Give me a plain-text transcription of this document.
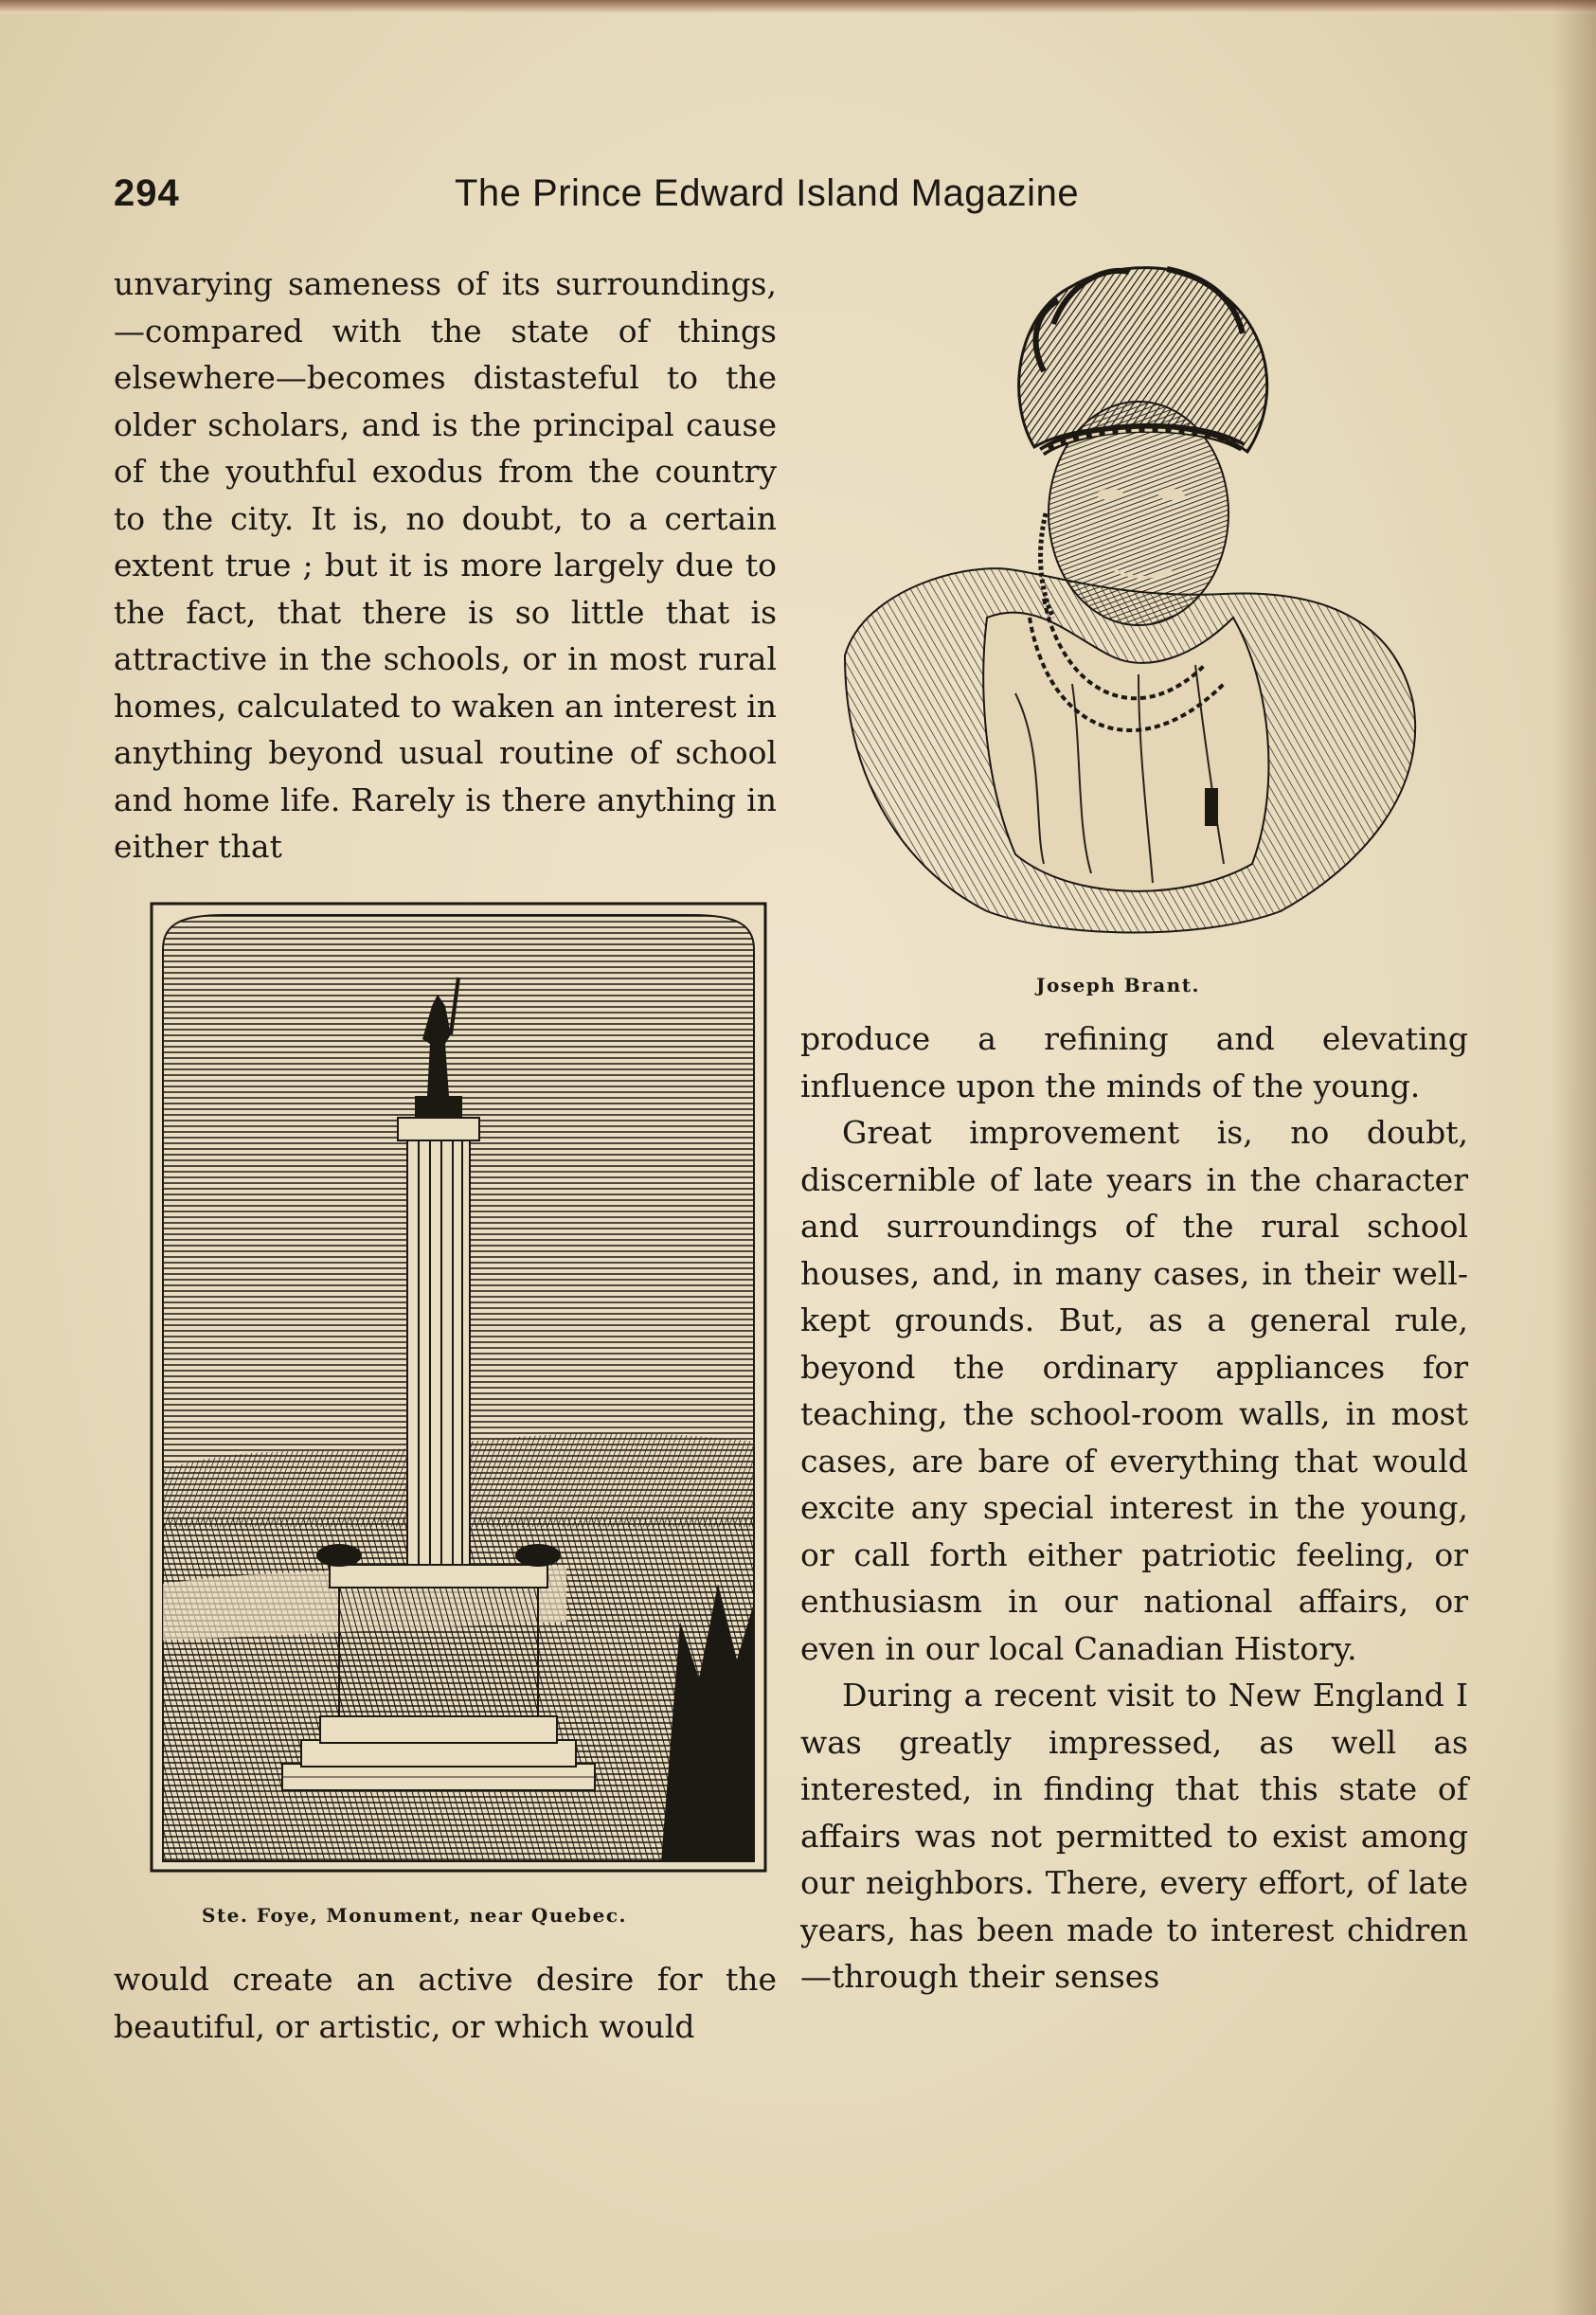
294	The Prince Edward Island Magazine

unvarying sameness of its surroundings, —compared with the state of things elsewhere—becomes distasteful to the older scholars, and is the principal cause of the youthful exodus from the country to the city. It is, no doubt, to a certain extent true ; but it is more largely due to the fact, that there is so little that is attractive in the schools, or in most rural homes, calculated to waken an interest in anything beyond usual routine of school and home life. Rarely is there anything in either that

Joseph Brant.
Ste. Foye, Monument, near Quebec.

produce a refining and elevating influence upon the minds of the young.

Great improvement is, no doubt, discernible of late years in the character and surroundings of the rural school houses, and, in many cases, in their well-kept grounds. But, as a general rule, beyond the ordinary appliances for teaching, the school-room walls, in most cases, are bare of everything that would excite any special interest in the young, or call forth either patriotic feeling, or enthusiasm in our national affairs, or even in our local Canadian History.

During a recent visit to New England I was greatly impressed, as well as interested, in finding that this state of affairs was not permitted to exist among our neighbors. There, every effort, of late years, has been made to interest chidren—through their senses

would create an active desire for the beautiful, or artistic, or which would
